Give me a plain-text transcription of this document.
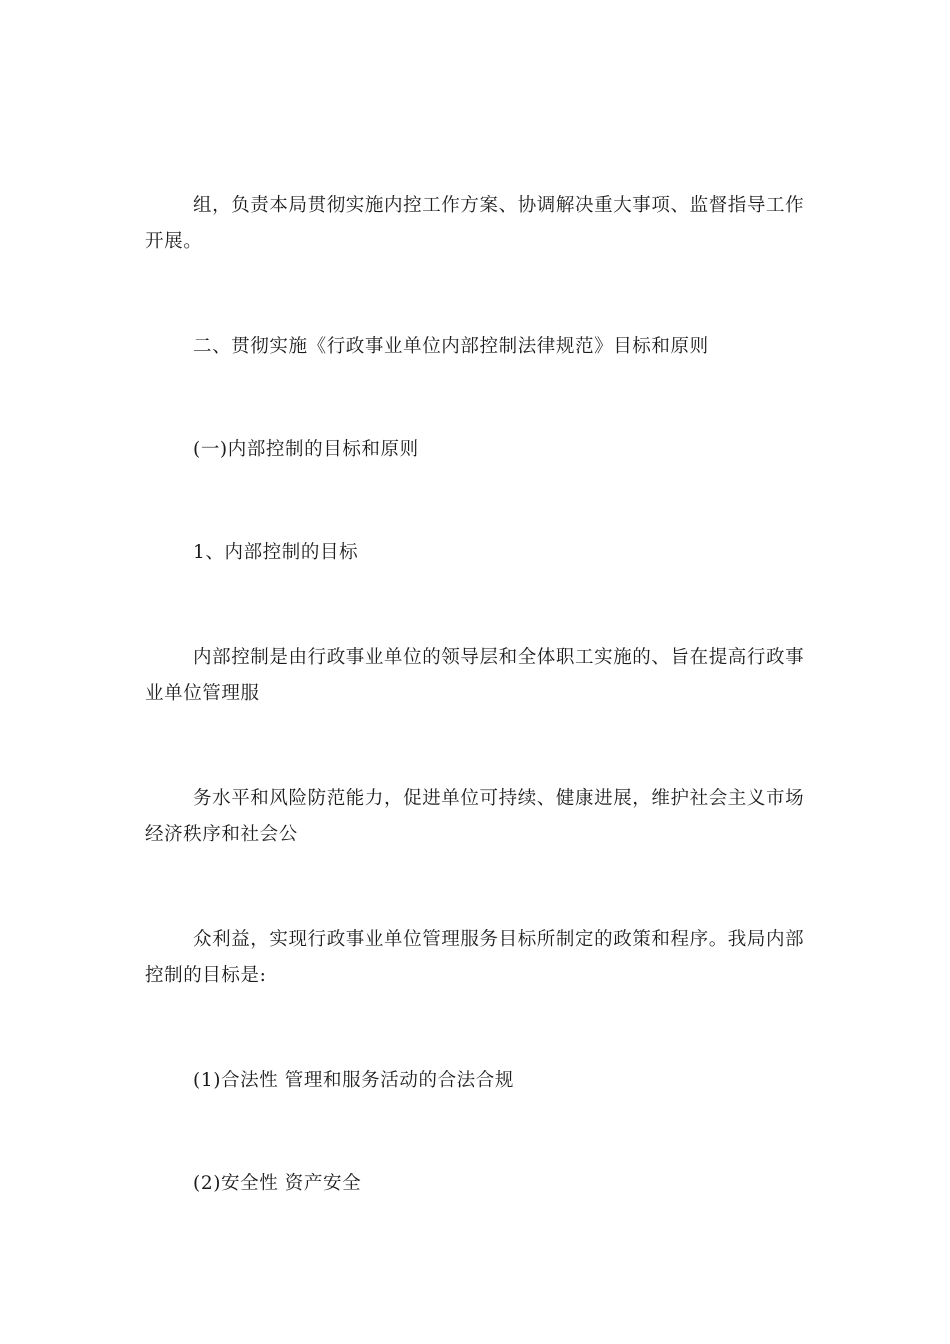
组，负责本局贯彻实施内控工作方案、协调解决重大事项、监督指导工作开展。

二、贯彻实施《行政事业单位内部控制法律规范》目标和原则

(一)内部控制的目标和原则

1、内部控制的目标

内部控制是由行政事业单位的领导层和全体职工实施的、旨在提高行政事业单位管理服

务水平和风险防范能力，促进单位可持续、健康进展，维护社会主义市场经济秩序和社会公

众利益，实现行政事业单位管理服务目标所制定的政策和程序。我局内部控制的目标是:

(1)合法性 管理和服务活动的合法合规

(2)安全性 资产安全
